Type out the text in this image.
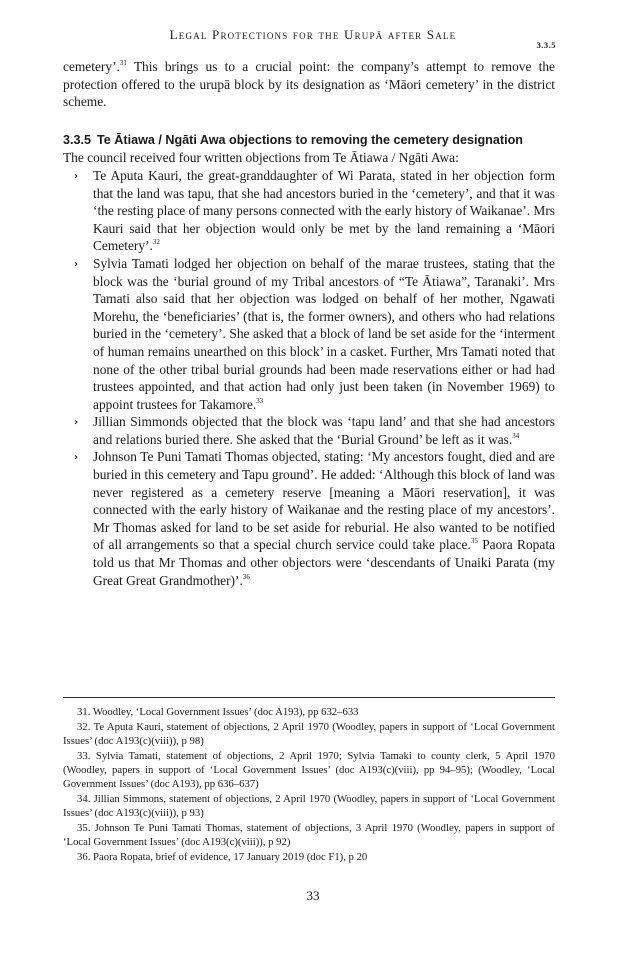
Legal Protections for the Urupā after Sale
3.3.5

cemetery’.$^{31}$ This brings us to a crucial point: the company’s attempt to remove the protection offered to the urupā block by its designation as ‘Māori cemetery’ in the district scheme.

3.3.5 Te Ātiawa / Ngāti Awa objections to removing the cemetery designation

The council received four written objections from Te Ātiawa / Ngāti Awa:

› Te Aputa Kauri, the great-granddaughter of Wi Parata, stated in her objection form that the land was tapu, that she had ancestors buried in the ‘cemetery’, and that it was ‘the resting place of many persons connected with the early history of Waikanae’. Mrs Kauri said that her objection would only be met by the land remaining a ‘Māori Cemetery’.$^{32}$
› Sylvia Tamati lodged her objection on behalf of the marae trustees, stating that the block was the ‘burial ground of my Tribal ancestors of “Te Ātiawa”, Taranaki’. Mrs Tamati also said that her objection was lodged on behalf of her mother, Ngawati Morehu, the ‘beneficiaries’ (that is, the former owners), and others who had relations buried in the ‘cemetery’. She asked that a block of land be set aside for the ‘interment of human remains unearthed on this block’ in a casket. Further, Mrs Tamati noted that none of the other tribal burial grounds had been made reservations either or had had trustees appointed, and that action had only just been taken (in November 1969) to appoint trustees for Takamore.$^{33}$
› Jillian Simmonds objected that the block was ‘tapu land’ and that she had ancestors and relations buried there. She asked that the ‘Burial Ground’ be left as it was.$^{34}$
› Johnson Te Puni Tamati Thomas objected, stating: ‘My ancestors fought, died and are buried in this cemetery and Tapu ground’. He added: ‘Although this block of land was never registered as a cemetery reserve [meaning a Māori reservation], it was connected with the early history of Waikanae and the resting place of my ancestors’. Mr Thomas asked for land to be set aside for reburial. He also wanted to be notified of all arrangements so that a special church service could take place.$^{35}$ Paora Ropata told us that Mr Thomas and other objectors were ‘descendants of Unaiki Parata (my Great Great Grandmother)’.$^{36}$

31. Woodley, ‘Local Government Issues’ (doc A193), pp 632–633

32. Te Aputa Kauri, statement of objections, 2 April 1970 (Woodley, papers in support of ‘Local Government Issues’ (doc A193(c)(viii)), p 98)

33. Sylvia Tamati, statement of objections, 2 April 1970; Sylvia Tamaki to county clerk, 5 April 1970 (Woodley, papers in support of ‘Local Government Issues’ (doc A193(c)(viii), pp 94–95); (Woodley, ‘Local Government Issues’ (doc A193), pp 636–637)

34. Jillian Simmons, statement of objections, 2 April 1970 (Woodley, papers in support of ‘Local Government Issues’ (doc A193(c)(viii)), p 93)

35. Johnson Te Puni Tamati Thomas, statement of objections, 3 April 1970 (Woodley, papers in support of ‘Local Government Issues’ (doc A193(c)(viii)), p 92)

36. Paora Ropata, brief of evidence, 17 January 2019 (doc F1), p 20

33
